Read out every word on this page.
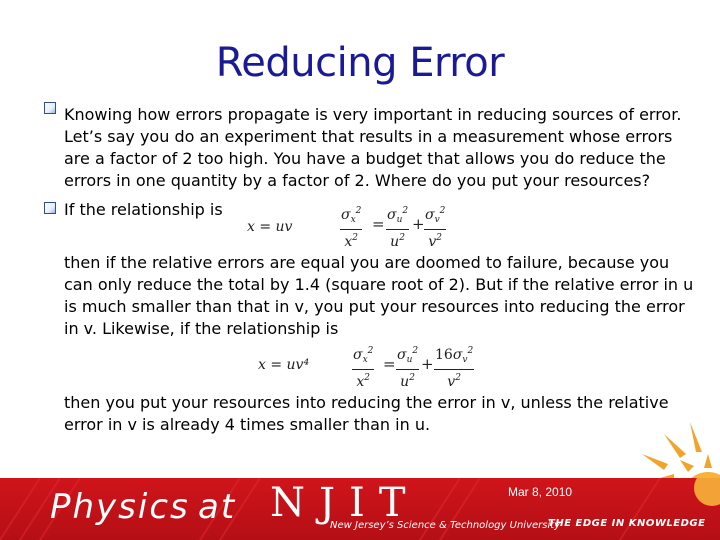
Reducing Error
Knowing how errors propagate is very important in reducing sources of error. Let’s say you do an experiment that results in a measurement whose errors are a factor of 2 too high. You have a budget that allows you do reduce the errors in one quantity by a factor of 2. Where do you put your resources?
If the relationship is
x = uv	$\frac{\sigma_x^2}{x^2} = \frac{\sigma_u^2}{u^2} + \frac{\sigma_v^2}{v^2}$
then if the relative errors are equal you are doomed to failure, because you can only reduce the total by 1.4 (square root of 2). But if the relative error in u is much smaller than that in v, you put your resources into reducing the error in v. Likewise, if the relationship is
x = uv⁴	$\frac{\sigma_x^2}{x^2} = \frac{\sigma_u^2}{u^2} + \frac{16\sigma_v^2}{v^2}$
then you put your resources into reducing the error in v, unless the relative error in v is already 4 times smaller than in u.
Physics at NJIT
New Jersey’s Science & Technology University
THE EDGE IN KNOWLEDGE
Mar 8, 2010
